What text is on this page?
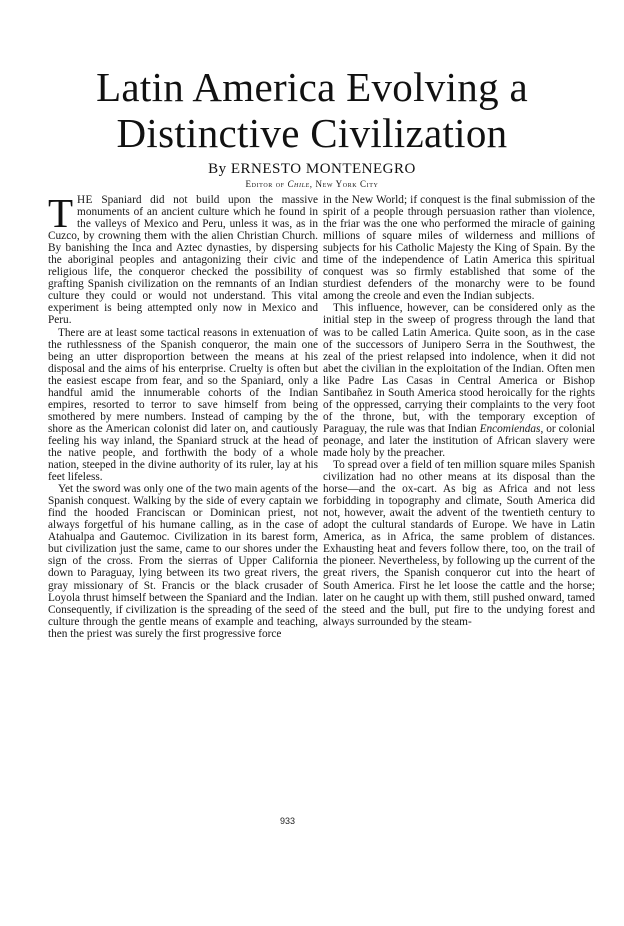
Latin America Evolving a
Distinctive Civilization
By ERNESTO MONTENEGRO
Editor of Chile, New York City

THE Spaniard did not build upon the massive monuments of an ancient culture which he found in the valleys of Mexico and Peru, unless it was, as in Cuzco, by crowning them with the alien Christian Church. By banishing the Inca and Aztec dynasties, by dispersing the aboriginal peoples and antagonizing their civic and religious life, the conqueror checked the possibility of grafting Spanish civilization on the remnants of an Indian culture they could or would not understand. This vital experiment is being attempted only now in Mexico and Peru.

There are at least some tactical reasons in extenuation of the ruthlessness of the Spanish conqueror, the main one being an utter disproportion between the means at his disposal and the aims of his enterprise. Cruelty is often but the easiest escape from fear, and so the Spaniard, only a handful amid the innumerable cohorts of the Indian empires, resorted to terror to save himself from being smothered by mere numbers. Instead of camping by the shore as the American colonist did later on, and cautiously feeling his way inland, the Spaniard struck at the head of the native people, and forthwith the body of a whole nation, steeped in the divine authority of its ruler, lay at his feet lifeless.

Yet the sword was only one of the two main agents of the Spanish conquest. Walking by the side of every captain we find the hooded Franciscan or Dominican priest, not always forgetful of his humane calling, as in the case of Atahualpa and Gautemoc. Civilization in its barest form, but civilization just the same, came to our shores under the sign of the cross. From the sierras of Upper California down to Paraguay, lying between its two great rivers, the gray missionary of St. Francis or the black crusader of Loyola thrust himself between the Spaniard and the Indian. Consequently, if civilization is the spreading of the seed of culture through the gentle means of example and teaching, then the priest was surely the first progressive force

in the New World; if conquest is the final submission of the spirit of a people through persuasion rather than violence, the friar was the one who performed the miracle of gaining millions of square miles of wilderness and millions of subjects for his Catholic Majesty the King of Spain. By the time of the independence of Latin America this spiritual conquest was so firmly established that some of the sturdiest defenders of the monarchy were to be found among the creole and even the Indian subjects.

This influence, however, can be considered only as the initial step in the sweep of progress through the land that was to be called Latin America. Quite soon, as in the case of the successors of Junipero Serra in the Southwest, the zeal of the priest relapsed into indolence, when it did not abet the civilian in the exploitation of the Indian. Often men like Padre Las Casas in Central America or Bishop Santibañez in South America stood heroically for the rights of the oppressed, carrying their complaints to the very foot of the throne, but, with the temporary exception of Paraguay, the rule was that Indian Encomiendas, or colonial peonage, and later the institution of African slavery were made holy by the preacher.

To spread over a field of ten million square miles Spanish civilization had no other means at its disposal than the horse—and the ox-cart. As big as Africa and not less forbidding in topography and climate, South America did not, however, await the advent of the twentieth century to adopt the cultural standards of Europe. We have in Latin America, as in Africa, the same problem of distances. Exhausting heat and fevers follow there, too, on the trail of the pioneer. Nevertheless, by following up the current of the great rivers, the Spanish conqueror cut into the heart of South America. First he let loose the cattle and the horse; later on he caught up with them, still pushed onward, tamed the steed and the bull, put fire to the undying forest and always surrounded by the steam-

933
